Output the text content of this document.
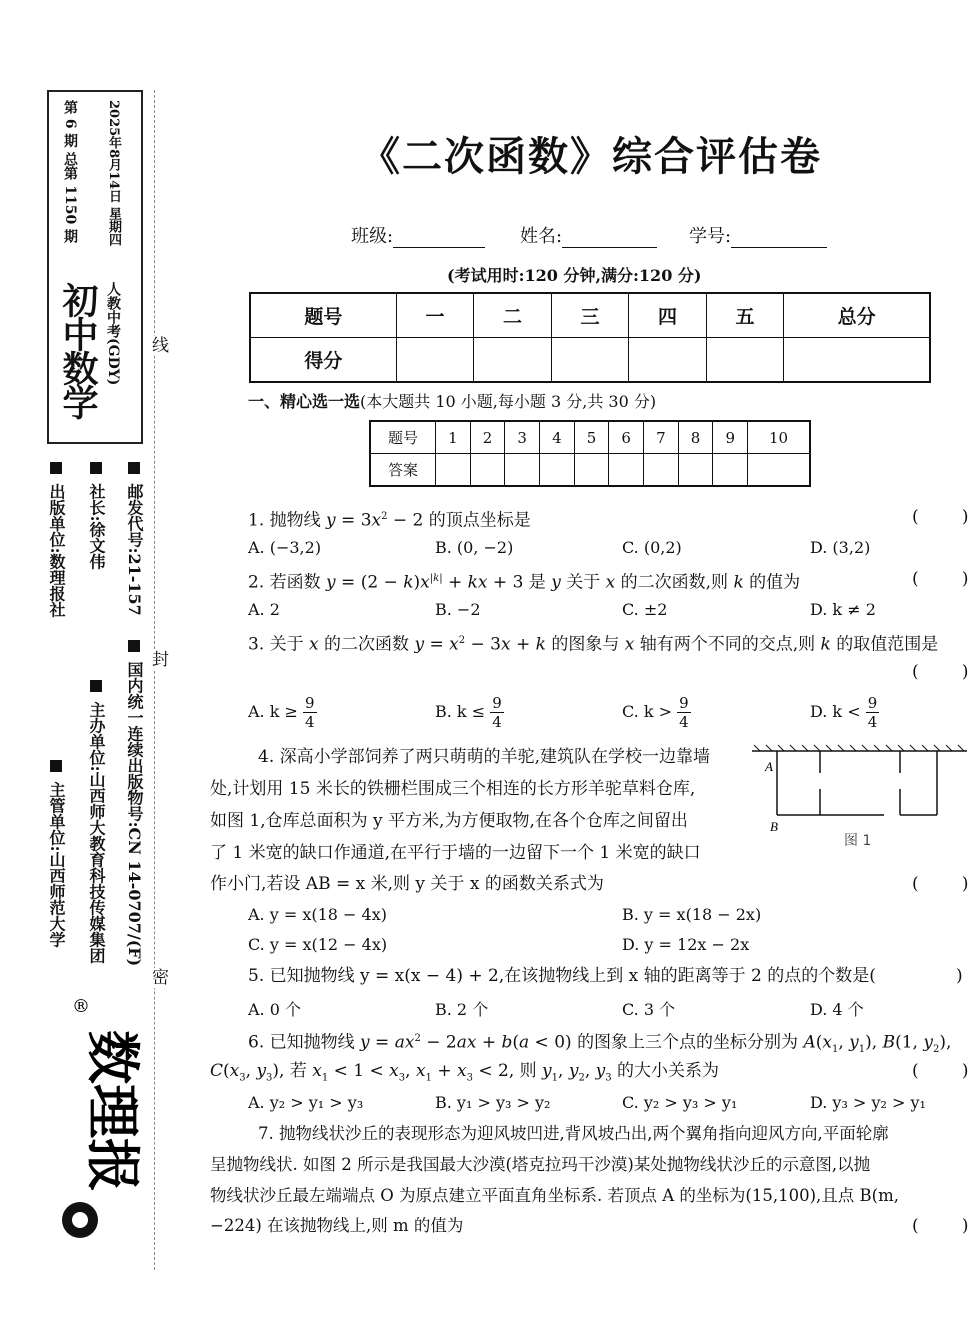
初中数学 人教中考(GDY)
第 6 期 总第 1150 期 2025年8月14日 星期四
出版单位:数理报社 社长:徐文伟 邮发代号:21-157
主管单位:山西师范大学 主办单位:山西师大教育科技传媒集团 国内统一连续出版物号:CN 14-0707/(F)
®
数理报
线
封
密
《二次函数》综合评估卷
班级:	姓名:	学号:
(考试用时:120 分钟,满分:120 分)
题号	一	二	三	四	五	总分
得分						
一、精心选一选(本大题共 10 小题,每小题 3 分,共 30 分)
题号	1	2	3	4	5	6	7	8	9	10
答案										
1. 抛物线 $y = 3x^2 - 2$ 的顶点坐标是	(        )
A. (−3,2)	B. (0, −2)	C. (0,2)	D. (3,2)
2. 若函数 $y = (2 - k)x^{|k|}$ + kx + 3 是 y 关于 x 的二次函数,则 k 的值为	(        )
A. 2	B. −2	C. ±2	D. k ≠ 2
3. 关于 x 的二次函数 $y = x^2 - 3x + k$ 的图象与 x 轴有两个不同的交点,则 k 的取值范围是
(        )
A. $k \ge \frac{9}{4}$	B. $k \le \frac{9}{4}$	C. $k > \frac{9}{4}$	D. $k < \frac{9}{4}$
4. 深高小学部饲养了两只萌萌的羊驼,建筑队在学校一边靠墙
处,计划用 15 米长的铁栅栏围成三个相连的长方形羊驼草料仓库,
如图 1,仓库总面积为 y 平方米,为方便取物,在各个仓库之间留出
了 1 米宽的缺口作通道,在平行于墙的一边留下一个 1 米宽的缺口
作小门,若设 AB = x 米,则 y 关于 x 的函数关系式为	(        )
A
B
图 1
A. y = x(18 − 4x)	B. y = x(18 − 2x)
C. y = x(12 − 4x)	D. y = 12x − 2x
5. 已知抛物线 y = x(x − 4) + 2,在该抛物线上到 x 轴的距离等于 2 的点的个数是(	)
A. 0 个	B. 2 个	C. 3 个	D. 4 个
6. 已知抛物线 $y = ax^2 - 2ax + b(a < 0)$ 的图象上三个点的坐标分别为 $A(x_1$, $y_1$), B(1, $y_2$),
$C(x_3$, $y_3$), 若 $x_1 < 1 < x_3$, $x_1 + x_3 < 2$, 则 $y_1$, $y_2$, $y_3$ 的大小关系为	(        )
A. y₂ > y₁ > y₃	B. y₁ > y₃ > y₂	C. y₂ > y₃ > y₁	D. y₃ > y₂ > y₁
7. 抛物线状沙丘的表现形态为迎风坡凹进,背风坡凸出,两个翼角指向迎风方向,平面轮廓
呈抛物线状. 如图 2 所示是我国最大沙漠(塔克拉玛干沙漠)某处抛物线状沙丘的示意图,以抛
物线状沙丘最左端端点 O 为原点建立平面直角坐标系. 若顶点 A 的坐标为(15,100),且点 B(m,
−224) 在该抛物线上,则 m 的值为	(        )
